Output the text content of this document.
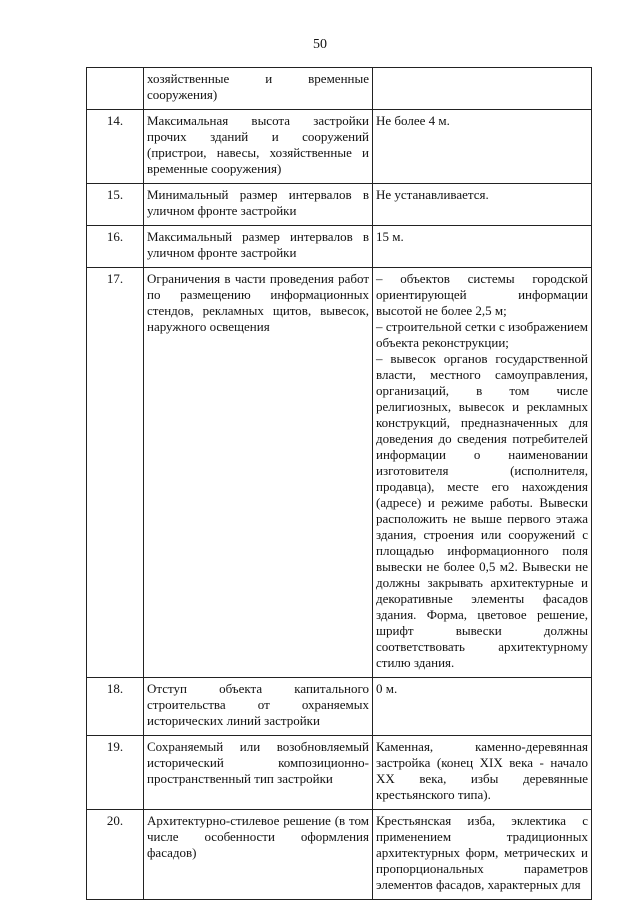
50
	хозяйственные и временные сооружения)	
14.	Максимальная высота застройки прочих зданий и сооружений (пристрои, навесы, хозяйственные и временные сооружения)	Не более 4 м.

15.	Минимальный размер интервалов в уличном фронте застройки	Не устанавливается.

16.	Максимальный размер интервалов в уличном фронте застройки	15 м.

17.	Ограничения в части проведения работ по размещению информационных стендов, рекламных щитов, вывесок, наружного освещения	– объектов системы городской ориентирующей информации высотой не более 2,5 м;
– строительной сетки с изображением объекта реконструкции;
– вывесок органов государственной власти, местного самоуправления, организаций, в том числе религиозных, вывесок и рекламных конструкций, предназначенных для доведения до сведения потребителей информации о наименовании изготовителя (исполнителя, продавца), месте его нахождения (адресе) и режиме работы. Вывески расположить не выше первого этажа здания, строения или сооружений с площадью информационного поля вывески не более 0,5 м2. Вывески не должны закрывать архитектурные и декоративные элементы фасадов здания. Форма, цветовое решение, шрифт вывески должны соответствовать архитектурному стилю здания.

18.	Отступ объекта капитального строительства от охраняемых исторических линий застройки	0 м.

19.	Сохраняемый или возобновляемый исторический композиционно-пространственный тип застройки	Каменная, каменно-деревянная застройка (конец XIX века - начало XX века, избы деревянные крестьянского типа).

20.	Архитектурно-стилевое решение (в том числе особенности оформления фасадов)	Крестьянская изба, эклектика с применением традиционных архитектурных форм, метрических и пропорциональных параметров элементов фасадов, характерных для
